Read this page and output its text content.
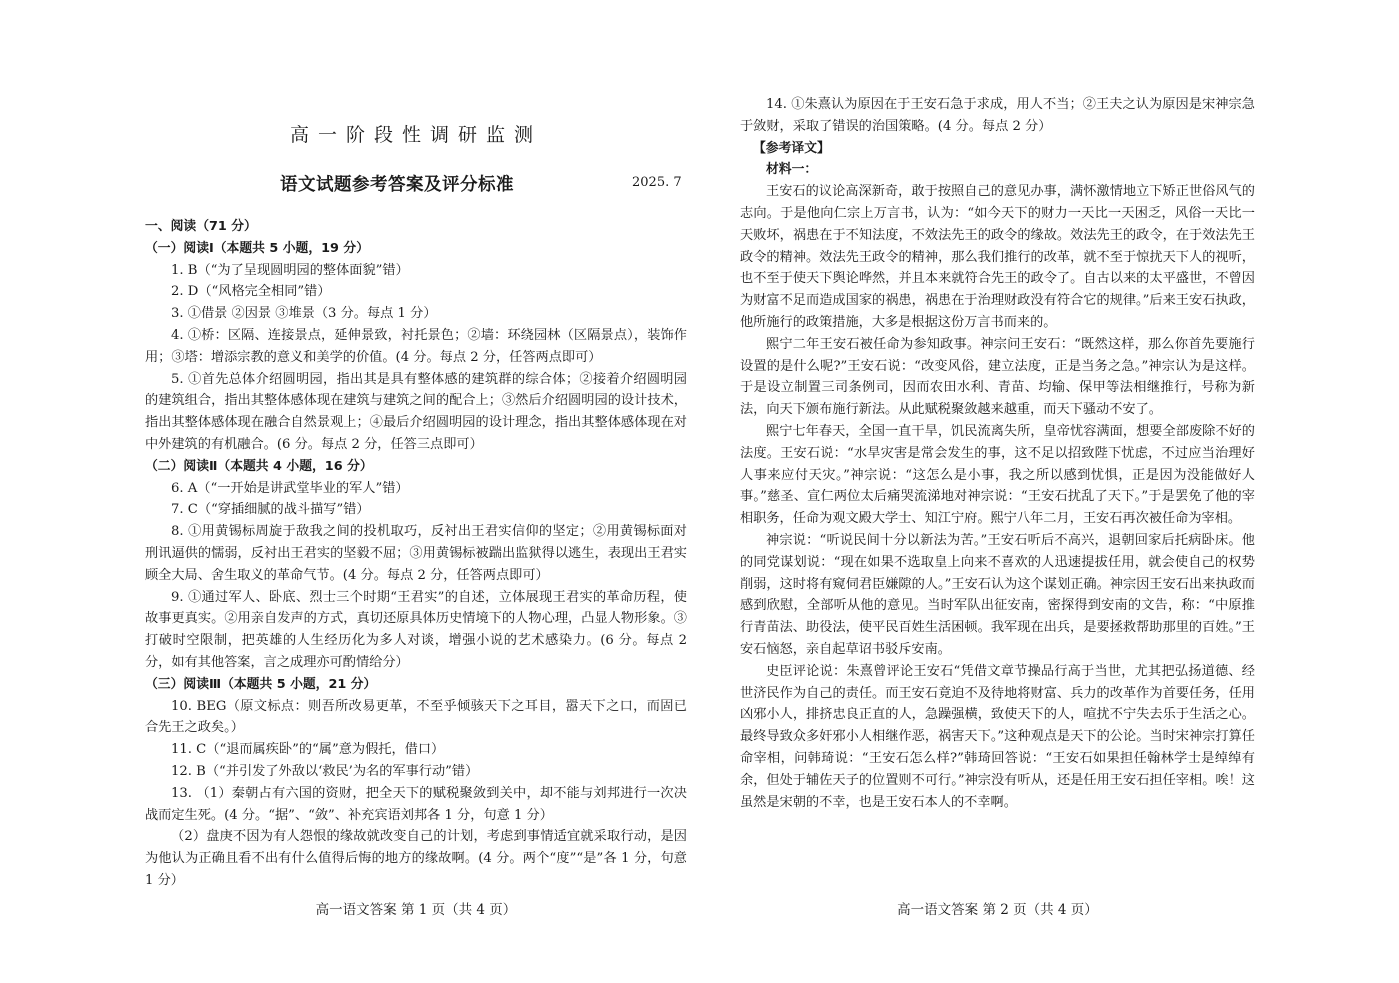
高一阶段性调研监测
语文试题参考答案及评分标准	2025. 7

一、阅读（71 分）

（一）阅读Ⅰ（本题共 5 小题，19 分）

1. B（“为了呈现圆明园的整体面貌”错）

2. D（“风格完全相同”错）

3. ①借景 ②因景 ③堆景（3 分。每点 1 分）

4. ①桥：区隔、连接景点，延伸景致，衬托景色；②墙：环绕园林（区隔景点），装饰作用；③塔：增添宗教的意义和美学的价值。(4 分。每点 2 分，任答两点即可）

5. ①首先总体介绍圆明园，指出其是具有整体感的建筑群的综合体；②接着介绍圆明园的建筑组合，指出其整体感体现在建筑与建筑之间的配合上；③然后介绍圆明园的设计技术，指出其整体感体现在融合自然景观上；④最后介绍圆明园的设计理念，指出其整体感体现在对中外建筑的有机融合。(6 分。每点 2 分，任答三点即可）

（二）阅读Ⅱ（本题共 4 小题，16 分）

6. A（“一开始是讲武堂毕业的军人”错）

7. C（“穿插细腻的战斗描写”错）

8. ①用黄锡标周旋于敌我之间的投机取巧，反衬出王君实信仰的坚定；②用黄锡标面对刑讯逼供的懦弱，反衬出王君实的坚毅不屈；③用黄锡标被踹出监狱得以逃生，表现出王君实顾全大局、舍生取义的革命气节。(4 分。每点 2 分，任答两点即可）

9. ①通过军人、卧底、烈士三个时期“王君实”的自述，立体展现王君实的革命历程，使故事更真实。②用亲自发声的方式，真切还原具体历史情境下的人物心理，凸显人物形象。③打破时空限制，把英雄的人生经历化为多人对谈，增强小说的艺术感染力。(6 分。每点 2 分，如有其他答案，言之成理亦可酌情给分）

（三）阅读Ⅲ（本题共 5 小题，21 分）

10. BEG（原文标点：则吾所改易更革，不至乎倾骇天下之耳目，嚣天下之口，而固已合先王之政矣。）

11. C（“退而属疾卧”的“属”意为假托，借口）

12. B（“并引发了外敌以‘救民’为名的军事行动”错）

13. （1）秦朝占有六国的资财，把全天下的赋税聚敛到关中，却不能与刘邦进行一次决战而定生死。(4 分。“据”、“敛”、补充宾语刘邦各 1 分，句意 1 分）

（2）盘庚不因为有人怨恨的缘故就改变自己的计划，考虑到事情适宜就采取行动，是因为他认为正确且看不出有什么值得后悔的地方的缘故啊。(4 分。两个“度”“是”各 1 分，句意 1 分）

14. ①朱熹认为原因在于王安石急于求成，用人不当；②王夫之认为原因是宋神宗急于敛财，采取了错误的治国策略。(4 分。每点 2 分）

【参考译文】

材料一：

王安石的议论高深新奇，敢于按照自己的意见办事，满怀激情地立下矫正世俗风气的志向。于是他向仁宗上万言书，认为：“如今天下的财力一天比一天困乏，风俗一天比一天败坏，祸患在于不知法度，不效法先王的政令的缘故。效法先王的政令，在于效法先王政令的精神。效法先王政令的精神，那么我们推行的改革，就不至于惊扰天下人的视听，也不至于使天下舆论哗然，并且本来就符合先王的政令了。自古以来的太平盛世，不曾因为财富不足而造成国家的祸患，祸患在于治理财政没有符合它的规律。”后来王安石执政，他所施行的政策措施，大多是根据这份万言书而来的。

熙宁二年王安石被任命为参知政事。神宗问王安石：“既然这样，那么你首先要施行设置的是什么呢?”王安石说：“改变风俗，建立法度，正是当务之急。”神宗认为是这样。于是设立制置三司条例司，因而农田水利、青苗、均输、保甲等法相继推行，号称为新法，向天下颁布施行新法。从此赋税聚敛越来越重，而天下骚动不安了。

熙宁七年春天，全国一直干旱，饥民流离失所，皇帝忧容满面，想要全部废除不好的法度。王安石说：“水旱灾害是常会发生的事，这不足以招致陛下忧虑，不过应当治理好人事来应付天灾。”神宗说：“这怎么是小事，我之所以感到忧惧，正是因为没能做好人事。”慈圣、宣仁两位太后痛哭流涕地对神宗说：“王安石扰乱了天下。”于是罢免了他的宰相职务，任命为观文殿大学士、知江宁府。熙宁八年二月，王安石再次被任命为宰相。

神宗说：“听说民间十分以新法为苦。”王安石听后不高兴，退朝回家后托病卧床。他的同党谋划说：“现在如果不选取皇上向来不喜欢的人迅速提拔任用，就会使自己的权势削弱，这时将有窥伺君臣嫌隙的人。”王安石认为这个谋划正确。神宗因王安石出来执政而感到欣慰，全部听从他的意见。当时军队出征安南，密探得到安南的文告，称：“中原推行青苗法、助役法，使平民百姓生活困顿。我军现在出兵，是要拯救帮助那里的百姓。”王安石恼怒，亲自起草诏书驳斥安南。

史臣评论说：朱熹曾评论王安石“凭借文章节操品行高于当世，尤其把弘扬道德、经世济民作为自己的责任。而王安石竟迫不及待地将财富、兵力的改革作为首要任务，任用凶邪小人，排挤忠良正直的人，急躁强横，致使天下的人，喧扰不宁失去乐于生活之心。最终导致众多奸邪小人相继作恶，祸害天下。”这种观点是天下的公论。当时宋神宗打算任命宰相，问韩琦说：“王安石怎么样?”韩琦回答说：“王安石如果担任翰林学士是绰绰有余，但处于辅佐天子的位置则不可行。”神宗没有听从，还是任用王安石担任宰相。唉！这虽然是宋朝的不幸，也是王安石本人的不幸啊。

高一语文答案 第 1 页（共 4 页）	高一语文答案 第 2 页（共 4 页）
